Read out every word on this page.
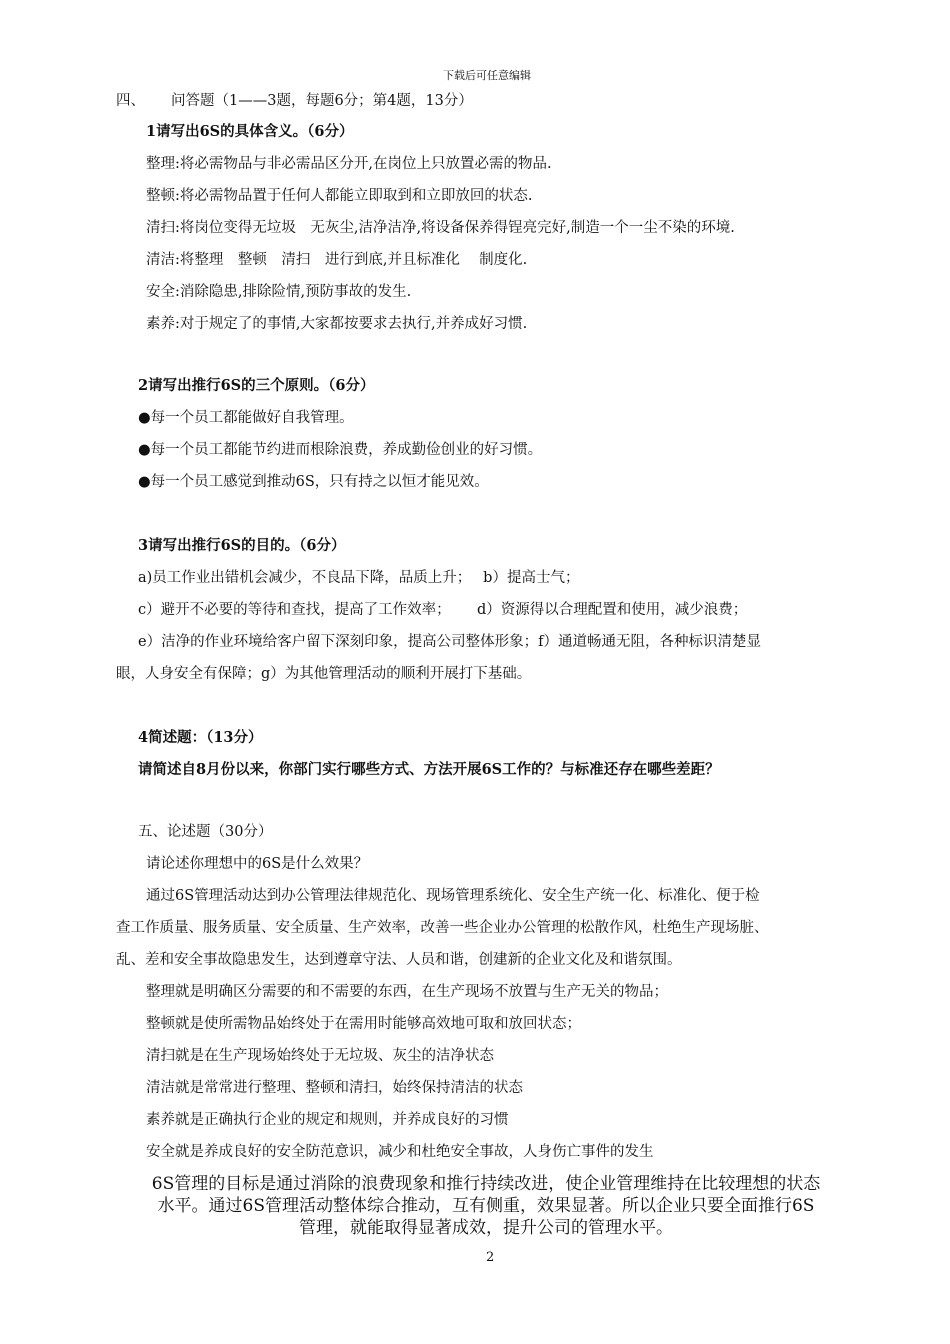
下载后可任意编辑
四、 问答题（1——3题，每题6分；第4题，13分）
1请写出6S的具体含义。（6分）
整理:将必需物品与非必需品区分开,在岗位上只放置必需的物品.
整顿:将必需物品置于任何人都能立即取到和立即放回的状态.
清扫:将岗位变得无垃圾　无灰尘,洁净洁净,将设备保养得锃亮完好,制造一个一尘不染的环境.
清洁:将整理　整顿　清扫　进行到底,并且标准化　 制度化.
安全:消除隐患,排除险情,预防事故的发生.
素养:对于规定了的事情,大家都按要求去执行,并养成好习惯.
2请写出推行6S的三个原则。（6分）
●每一个员工都能做好自我管理。
●每一个员工都能节约进而根除浪费，养成勤俭创业的好习惯。
●每一个员工感觉到推动6S，只有持之以恒才能见效。
3请写出推行6S的目的。（6分）
a)员工作业出错机会减少，不良品下降，品质上升；　 b）提高士气；
c）避开不必要的等待和查找，提高了工作效率；　　 d）资源得以合理配置和使用，减少浪费；
e）洁净的作业环境给客户留下深刻印象，提高公司整体形象；f）通道畅通无阻，各种标识清楚显
眼，人身安全有保障；g）为其他管理活动的顺利开展打下基础。
4简述题：（13分）
请简述自8月份以来，你部门实行哪些方式、方法开展6S工作的？与标准还存在哪些差距？
五、论述题（30分）
请论述你理想中的6S是什么效果？
通过6S管理活动达到办公管理法律规范化、现场管理系统化、安全生产统一化、标准化、便于检
查工作质量、服务质量、安全质量、生产效率，改善一些企业办公管理的松散作风，杜绝生产现场脏、
乱、差和安全事故隐患发生，达到遵章守法、人员和谐，创建新的企业文化及和谐氛围。
整理就是明确区分需要的和不需要的东西，在生产现场不放置与生产无关的物品；
整顿就是使所需物品始终处于在需用时能够高效地可取和放回状态；
清扫就是在生产现场始终处于无垃圾、灰尘的洁净状态
清洁就是常常进行整理、整顿和清扫，始终保持清洁的状态
素养就是正确执行企业的规定和规则，并养成良好的习惯
安全就是养成良好的安全防范意识，减少和杜绝安全事故，人身伤亡事件的发生
6S管理的目标是通过消除的浪费现象和推行持续改进，使企业管理维持在比较理想的状态
水平。通过6S管理活动整体综合推动，互有侧重，效果显著。所以企业只要全面推行6S
管理，就能取得显著成效，提升公司的管理水平。
2
